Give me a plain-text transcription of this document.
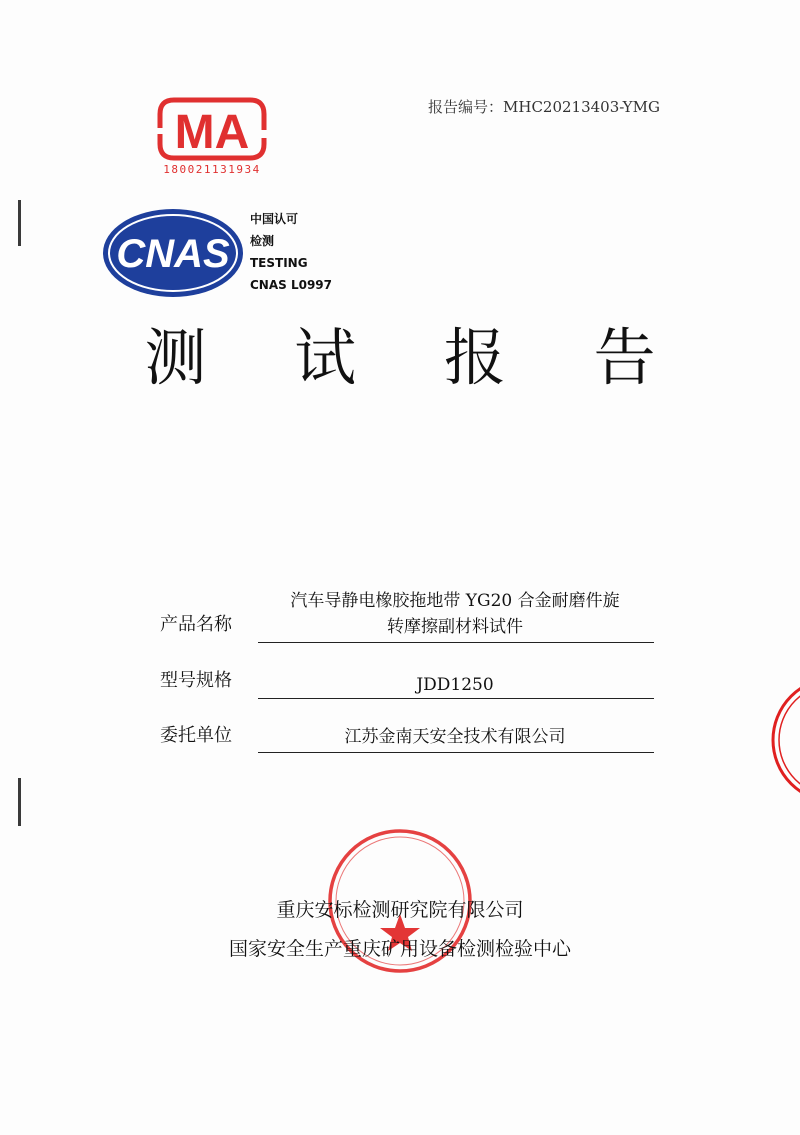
MA
180021131934
报告编号：MHC20213403-YMG
CNAS
中国认可
检测
TESTING
CNAS L0997
测 试 报 告
产品名称
汽车导静电橡胶拖地带 YG20 合金耐磨件旋
转摩擦副材料试件
型号规格	JDD1250
委托单位	江苏金南天安全技术有限公司
重庆安标检测研究院有限公司
国家安全生产重庆矿用设备检测检验中心
